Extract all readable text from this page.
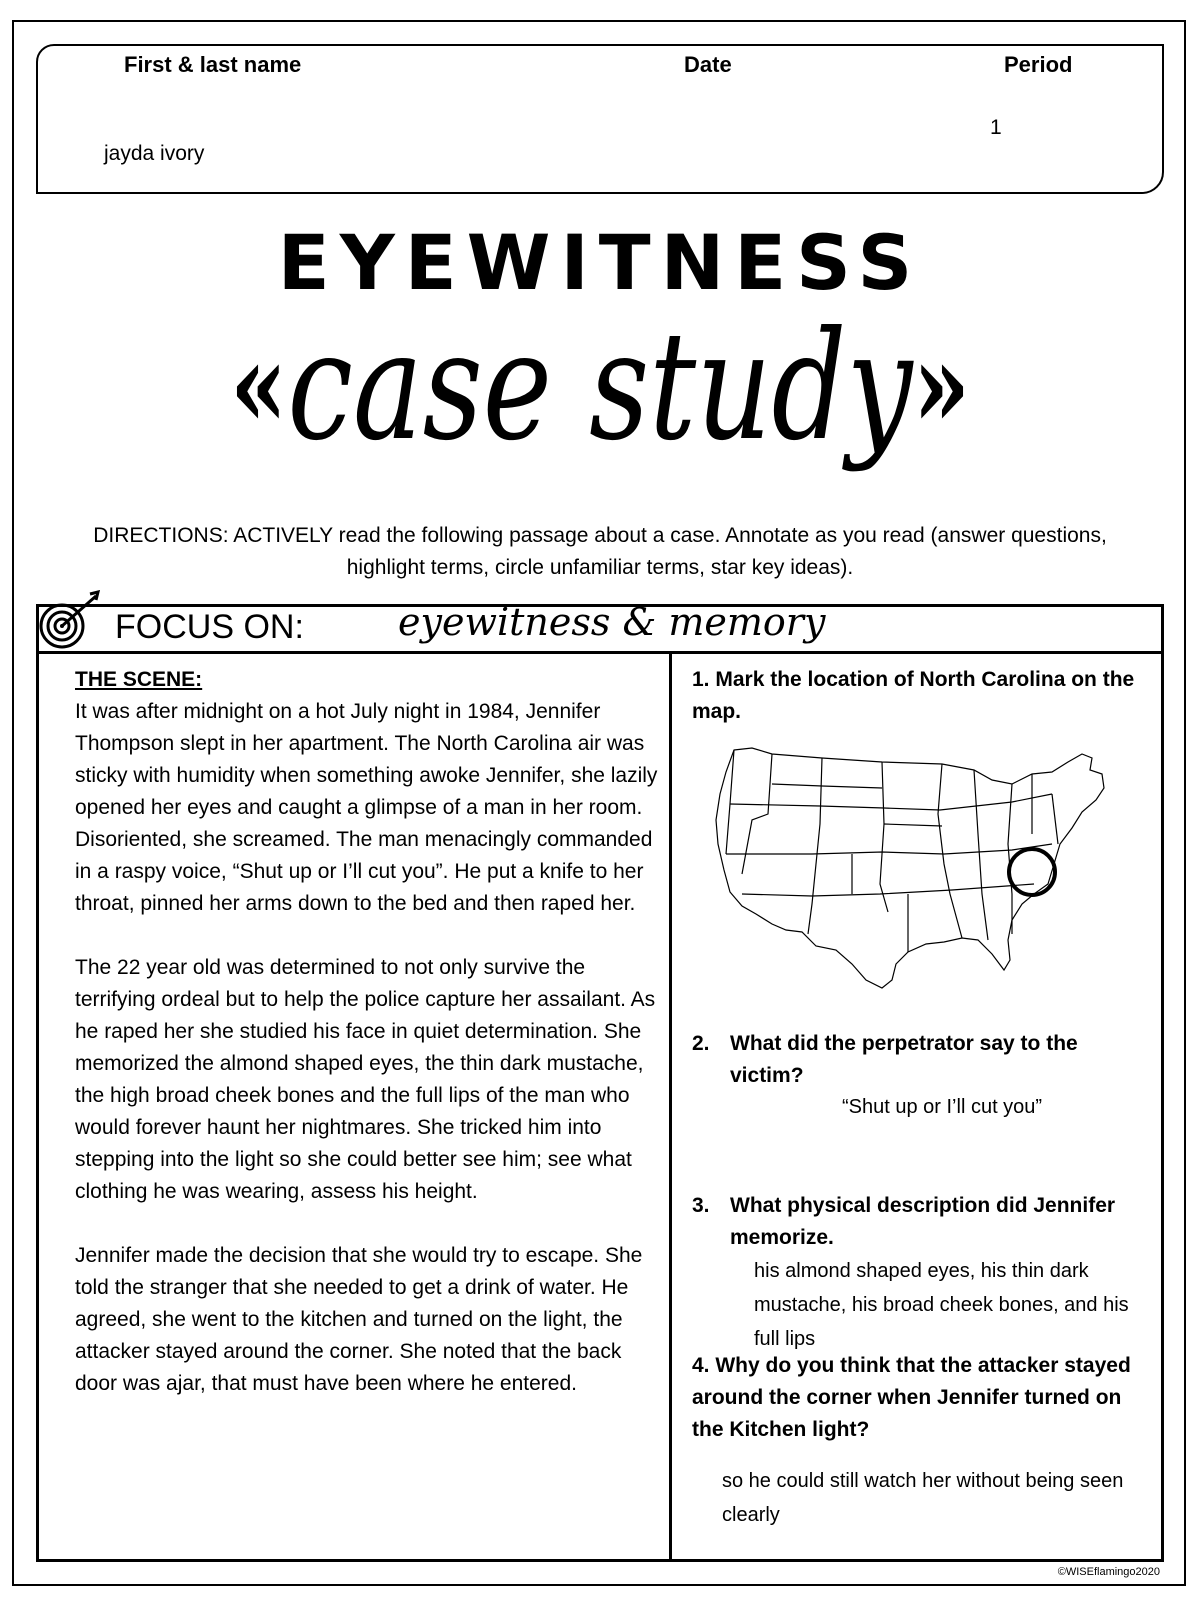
First & last name	Date	Period
jayda ivory
1
EYEWITNESS
«case study»
DIRECTIONS: ACTIVELY read the following passage about a case. Annotate as you read (answer questions, highlight terms, circle unfamiliar terms, star key ideas).
FOCUS ON: eyewitness & memory
THE SCENE:

It was after midnight on a hot July night in 1984, Jennifer Thompson slept in her apartment. The North Carolina air was sticky with humidity when something awoke Jennifer, she lazily opened her eyes and caught a glimpse of a man in her room. Disoriented, she screamed. The man menacingly commanded in a raspy voice, “Shut up or I’ll cut you”. He put a knife to her throat, pinned her arms down to the bed and then raped her.

The 22 year old was determined to not only survive the terrifying ordeal but to help the police capture her assailant. As he raped her she studied his face in quiet determination. She memorized the almond shaped eyes, the thin dark mustache, the high broad cheek bones and the full lips of the man who would forever haunt her nightmares. She tricked him into stepping into the light so she could better see him; see what clothing he was wearing, assess his height.

Jennifer made the decision that she would try to escape. She told the stranger that she needed to get a drink of water. He agreed, she went to the kitchen and turned on the light, the attacker stayed around the corner. She noted that the back door was ajar, that must have been where he entered.

1. Mark the location of North Carolina on the map.
2. What did the perpetrator say to the victim?
“Shut up or I’ll cut you”
3. What physical description did Jennifer memorize.
his almond shaped eyes, his thin dark mustache, his broad cheek bones, and his full lips
4. Why do you think that the attacker stayed around the corner when Jennifer turned on the Kitchen light?
so he could still watch her without being seen clearly
©WISEflamingo2020
